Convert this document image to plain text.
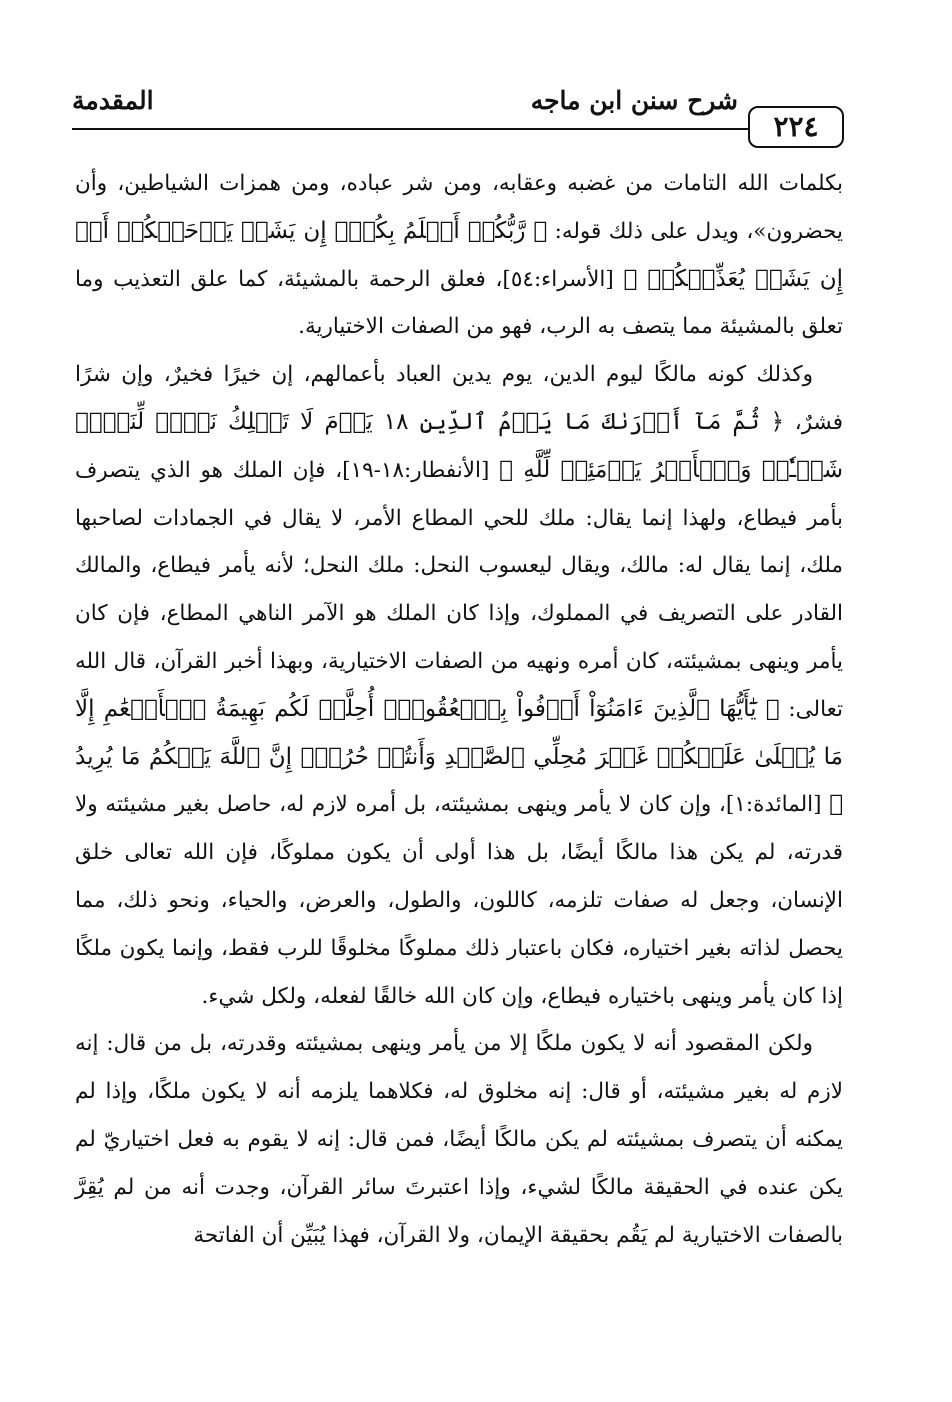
المقدمة	شرح سنن ابن ماجه
٢٢٤

بكلمات الله التامات من غضبه وعقابه، ومن شر عباده، ومن همزات الشياطين، وأن يحضرون»، ويدل على ذلك قوله: ﴿ رَّبُّكُمۡ أَعۡلَمُ بِكُمۡۖ إِن يَشَأۡ يَرۡحَمۡكُمۡ أَوۡ إِن يَشَأۡ يُعَذِّبۡكُمۡ ﴾ [الأسراء:٥٤]، فعلق الرحمة بالمشيئة، كما علق التعذيب وما تعلق بالمشيئة مما يتصف به الرب، فهو من الصفات الاختيارية.

وكذلك كونه مالكًا ليوم الدين، يوم يدين العباد بأعمالهم، إن خيرًا فخيرٌ، وإن شرًا فشرٌ، ﴿ ثُمَّ مَآ أَدۡرَىٰكَ مَا يَوۡمُ ٱلدِّينِ ١٨ يَوۡمَ لَا تَمۡلِكُ نَفۡسٞ لِّنَفۡسٖ شَيۡـٔٗاۖ وَٱلۡأَمۡرُ يَوۡمَئِذٖ لِّلَّهِ ﴾ [الأنفطار:١٨-١٩]، فإن الملك هو الذي يتصرف بأمر فيطاع، ولهذا إنما يقال: ملك للحي المطاع الأمر، لا يقال في الجمادات لصاحبها ملك، إنما يقال له: مالك، ويقال ليعسوب النحل: ملك النحل؛ لأنه يأمر فيطاع، والمالك القادر على التصريف في المملوك، وإذا كان الملك هو الآمر الناهي المطاع، فإن كان يأمر وينهى بمشيئته، كان أمره ونهيه من الصفات الاختيارية، وبهذا أخبر القرآن، قال الله تعالى: ﴿ يَٰٓأَيُّهَا ٱلَّذِينَ ءَامَنُوٓاْ أَوۡفُواْ بِٱلۡعُقُودِۚ أُحِلَّتۡ لَكُم بَهِيمَةُ ٱلۡأَنۡعَٰمِ إِلَّا مَا يُتۡلَىٰ عَلَيۡكُمۡ غَيۡرَ مُحِلِّي ٱلصَّيۡدِ وَأَنتُمۡ حُرُمٌۗ إِنَّ ٱللَّهَ يَحۡكُمُ مَا يُرِيدُ ﴾ [المائدة:١]، وإن كان لا يأمر وينهى بمشيئته، بل أمره لازم له، حاصل بغير مشيئته ولا قدرته، لم يكن هذا مالكًا أيضًا، بل هذا أولى أن يكون مملوكًا، فإن الله تعالى خلق الإنسان، وجعل له صفات تلزمه، كاللون، والطول، والعرض، والحياء، ونحو ذلك، مما يحصل لذاته بغير اختياره، فكان باعتبار ذلك مملوكًا مخلوقًا للرب فقط، وإنما يكون ملكًا إذا كان يأمر وينهى باختياره فيطاع، وإن كان الله خالقًا لفعله، ولكل شيء.

ولكن المقصود أنه لا يكون ملكًا إلا من يأمر وينهى بمشيئته وقدرته، بل من قال: إنه لازم له بغير مشيئته، أو قال: إنه مخلوق له، فكلاهما يلزمه أنه لا يكون ملكًا، وإذا لم يمكنه أن يتصرف بمشيئته لم يكن مالكًا أيضًا، فمن قال: إنه لا يقوم به فعل اختياريّ لم يكن عنده في الحقيقة مالكًا لشيء، وإذا اعتبرتَ سائر القرآن، وجدت أنه من لم يُقِرَّ بالصفات الاختيارية لم يَقُم بحقيقة الإيمان، ولا القرآن، فهذا يُبَيِّن أن الفاتحة
